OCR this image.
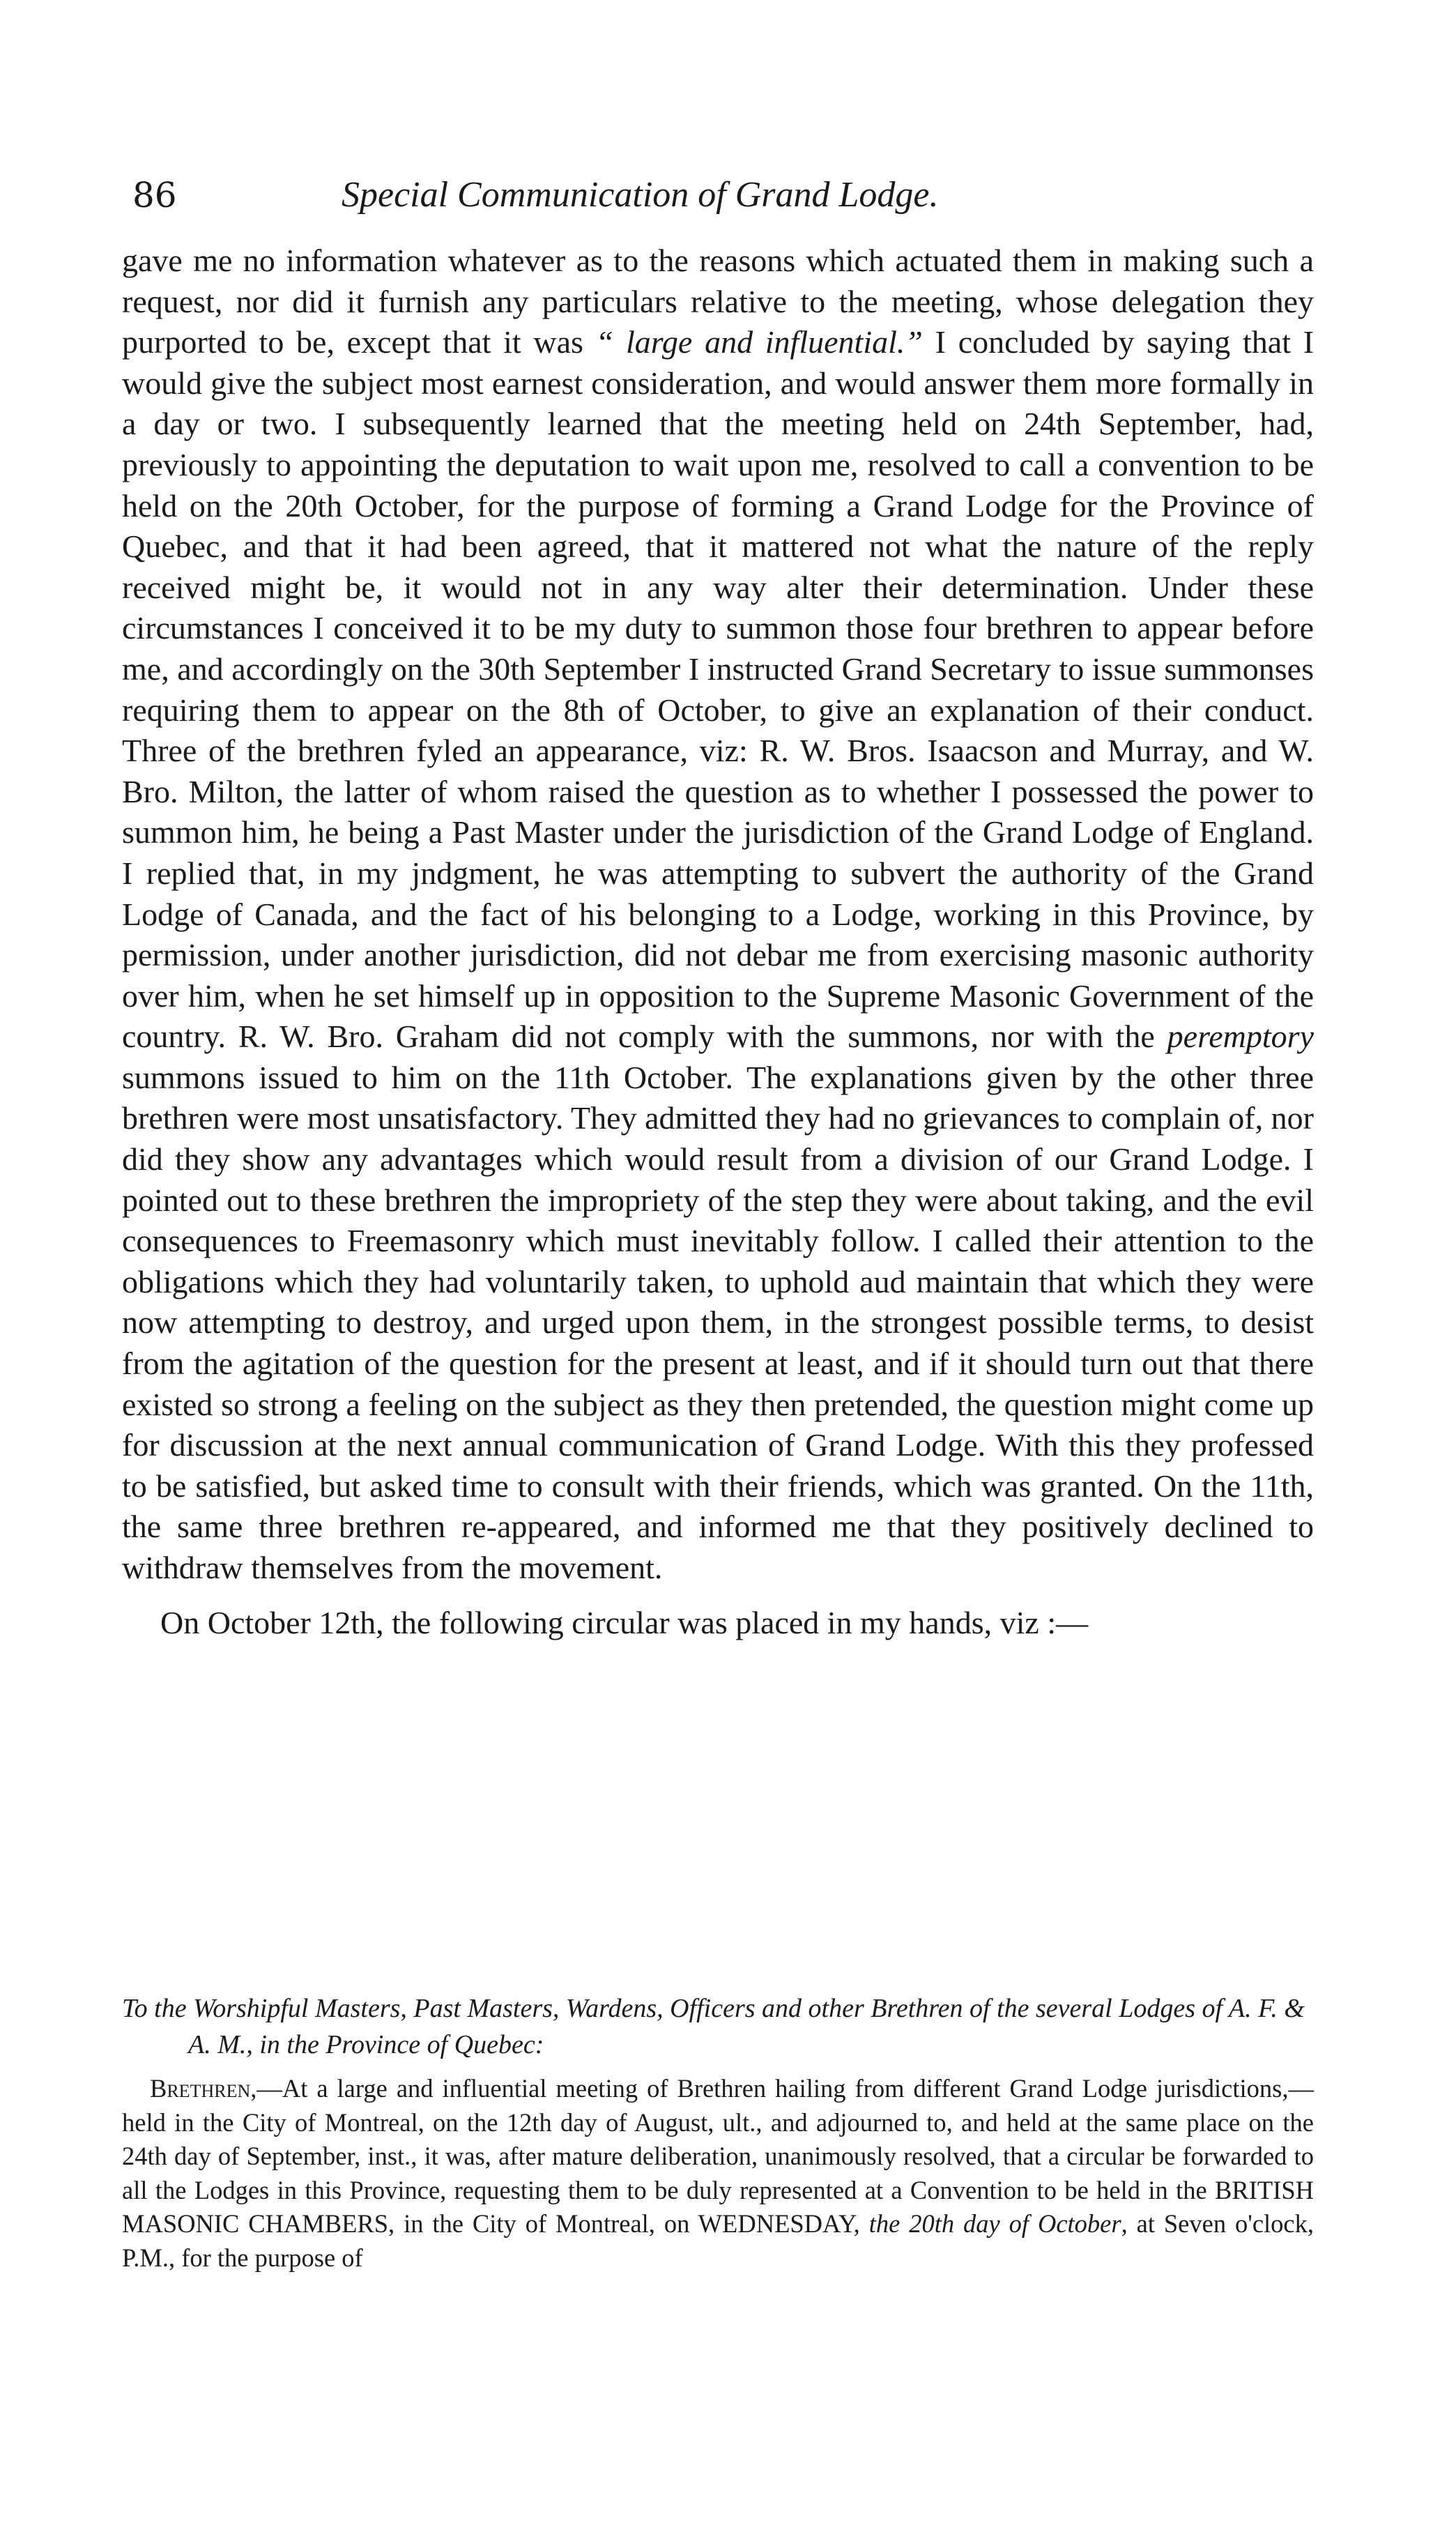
86	Special Communication of Grand Lodge.

gave me no information whatever as to the reasons which actuated them in making such a request, nor did it furnish any particulars relative to the meeting, whose delegation they purported to be, except that it was “ large and influential.” I concluded by saying that I would give the subject most earnest consideration, and would answer them more formally in a day or two. I subsequently learned that the meeting held on 24th September, had, previously to appointing the deputation to wait upon me, resolved to call a convention to be held on the 20th October, for the purpose of forming a Grand Lodge for the Province of Quebec, and that it had been agreed, that it mattered not what the nature of the reply received might be, it would not in any way alter their determination. Under these circumstances I conceived it to be my duty to summon those four brethren to appear before me, and accordingly on the 30th September I instructed Grand Secretary to issue summonses requiring them to appear on the 8th of October, to give an explanation of their conduct. Three of the brethren fyled an appearance, viz: R. W. Bros. Isaacson and Murray, and W. Bro. Milton, the latter of whom raised the question as to whether I possessed the power to summon him, he being a Past Master under the jurisdiction of the Grand Lodge of England. I replied that, in my jndgment, he was attempting to subvert the authority of the Grand Lodge of Canada, and the fact of his belonging to a Lodge, working in this Province, by permission, under another jurisdiction, did not debar me from exercising masonic authority over him, when he set himself up in opposition to the Supreme Masonic Government of the country. R. W. Bro. Graham did not comply with the summons, nor with the peremptory summons issued to him on the 11th October. The explanations given by the other three brethren were most unsatisfactory. They admitted they had no grievances to complain of, nor did they show any advantages which would result from a division of our Grand Lodge. I pointed out to these brethren the impropriety of the step they were about taking, and the evil consequences to Freemasonry which must inevitably follow. I called their attention to the obligations which they had voluntarily taken, to uphold aud maintain that which they were now attempting to destroy, and urged upon them, in the strongest possible terms, to desist from the agitation of the question for the present at least, and if it should turn out that there existed so strong a feeling on the subject as they then pretended, the question might come up for discussion at the next annual communication of Grand Lodge. With this they professed to be satisfied, but asked time to consult with their friends, which was granted. On the 11th, the same three brethren re-appeared, and informed me that they positively declined to withdraw themselves from the movement.

On October 12th, the following circular was placed in my hands, viz :—

To the Worshipful Masters, Past Masters, Wardens, Officers and other Brethren of the several Lodges of A. F. & A. M., in the Province of Quebec:
Brethren,—At a large and influential meeting of Brethren hailing from different Grand Lodge jurisdictions,—held in the City of Montreal, on the 12th day of August, ult., and adjourned to, and held at the same place on the 24th day of September, inst., it was, after mature deliberation, unanimously resolved, that a circular be forwarded to all the Lodges in this Province, requesting them to be duly represented at a Convention to be held in the BRITISH MASONIC CHAMBERS, in the City of Montreal, on WEDNESDAY, the 20th day of October, at Seven o'clock, P.M., for the purpose of
